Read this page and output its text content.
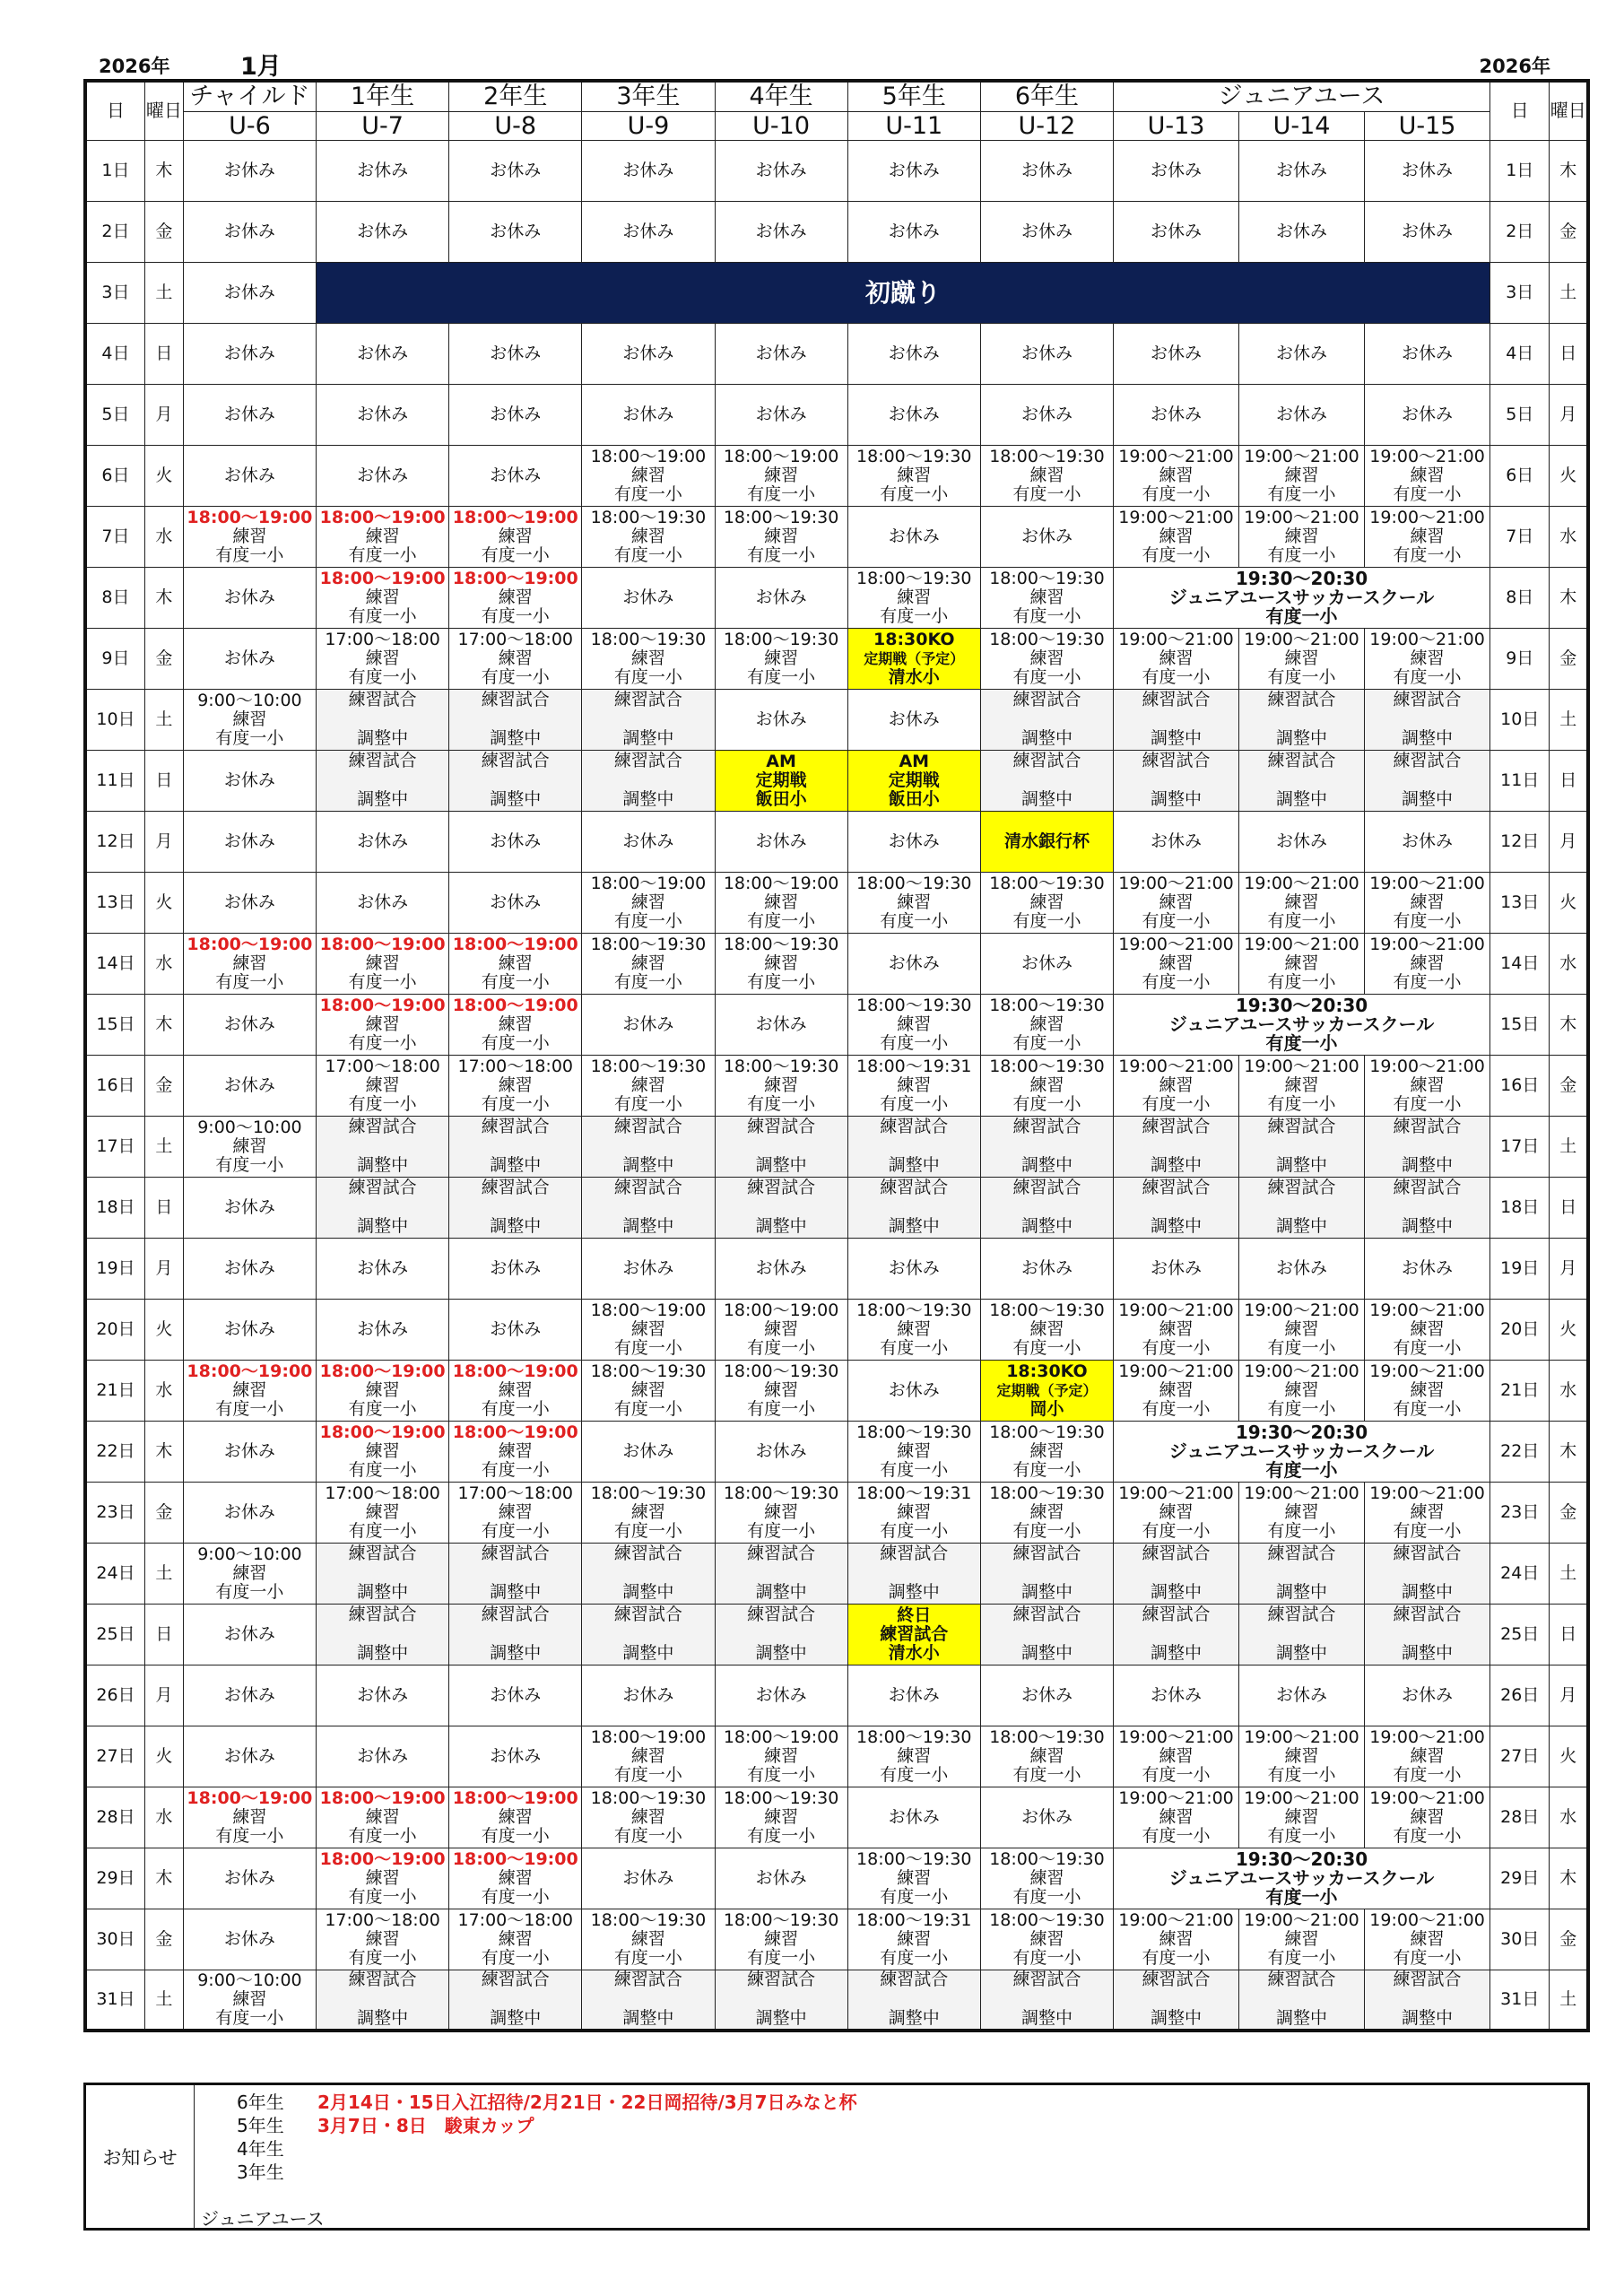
2026年	1月	2026年
日	曜日	チャイルド	1年生	2年生	3年生	4年生	5年生	6年生	ジュニアユース			日	曜日
		U-6	U-7	U-8	U-9	U-10	U-11	U-12	U-13	U-14	U-15		
1日	木	お休み	お休み	お休み	お休み	お休み	お休み	お休み	お休み	お休み	お休み	1日	木
2日	金	お休み	お休み	お休み	お休み	お休み	お休み	お休み	お休み	お休み	お休み	2日	金
3日	土	お休み	初蹴り									3日	土
4日	日	お休み	お休み	お休み	お休み	お休み	お休み	お休み	お休み	お休み	お休み	4日	日
5日	月	お休み	お休み	お休み	お休み	お休み	お休み	お休み	お休み	お休み	お休み	5日	月
6日	火	お休み	お休み	お休み	18:00～19:00
練習
有度一小	18:00～19:00
練習
有度一小	18:00～19:30
練習
有度一小	18:00～19:30
練習
有度一小	19:00～21:00
練習
有度一小	19:00～21:00
練習
有度一小	19:00～21:00
練習
有度一小	6日	火
7日	水	18:00～19:00
練習
有度一小	18:00～19:00
練習
有度一小	18:00～19:00
練習
有度一小	18:00～19:30
練習
有度一小	18:00～19:30
練習
有度一小	お休み	お休み	19:00～21:00
練習
有度一小	19:00～21:00
練習
有度一小	19:00～21:00
練習
有度一小	7日	水
8日	木	お休み	18:00～19:00
練習
有度一小	18:00～19:00
練習
有度一小	お休み	お休み	18:00～19:30
練習
有度一小	18:00～19:30
練習
有度一小	19:30～20:30
ジュニアユースサッカースクール
有度一小			8日	木
9日	金	お休み	17:00～18:00
練習
有度一小	17:00～18:00
練習
有度一小	18:00～19:30
練習
有度一小	18:00～19:30
練習
有度一小	18:30KO
定期戦（予定）
清水小	18:00～19:30
練習
有度一小	19:00～21:00
練習
有度一小	19:00～21:00
練習
有度一小	19:00～21:00
練習
有度一小	9日	金
10日	土	9:00～10:00
練習
有度一小	練習試合
調整中	練習試合
調整中	練習試合
調整中	お休み	お休み	練習試合
調整中	練習試合
調整中	練習試合
調整中	練習試合
調整中	10日	土
11日	日	お休み	練習試合
調整中	練習試合
調整中	練習試合
調整中	AM
定期戦
飯田小	AM
定期戦
飯田小	練習試合
調整中	練習試合
調整中	練習試合
調整中	練習試合
調整中	11日	日
12日	月	お休み	お休み	お休み	お休み	お休み	お休み	清水銀行杯	お休み	お休み	お休み	12日	月
13日	火	お休み	お休み	お休み	18:00～19:00
練習
有度一小	18:00～19:00
練習
有度一小	18:00～19:30
練習
有度一小	18:00～19:30
練習
有度一小	19:00～21:00
練習
有度一小	19:00～21:00
練習
有度一小	19:00～21:00
練習
有度一小	13日	火
14日	水	18:00～19:00
練習
有度一小	18:00～19:00
練習
有度一小	18:00～19:00
練習
有度一小	18:00～19:30
練習
有度一小	18:00～19:30
練習
有度一小	お休み	お休み	19:00～21:00
練習
有度一小	19:00～21:00
練習
有度一小	19:00～21:00
練習
有度一小	14日	水
15日	木	お休み	18:00～19:00
練習
有度一小	18:00～19:00
練習
有度一小	お休み	お休み	18:00～19:30
練習
有度一小	18:00～19:30
練習
有度一小	19:30～20:30
ジュニアユースサッカースクール
有度一小			15日	木
16日	金	お休み	17:00～18:00
練習
有度一小	17:00～18:00
練習
有度一小	18:00～19:30
練習
有度一小	18:00～19:30
練習
有度一小	18:00～19:31
練習
有度一小	18:00～19:30
練習
有度一小	19:00～21:00
練習
有度一小	19:00～21:00
練習
有度一小	19:00～21:00
練習
有度一小	16日	金
17日	土	9:00～10:00
練習
有度一小	練習試合
調整中	練習試合
調整中	練習試合
調整中	練習試合
調整中	練習試合
調整中	練習試合
調整中	練習試合
調整中	練習試合
調整中	練習試合
調整中	17日	土
18日	日	お休み	練習試合
調整中	練習試合
調整中	練習試合
調整中	練習試合
調整中	練習試合
調整中	練習試合
調整中	練習試合
調整中	練習試合
調整中	練習試合
調整中	18日	日
19日	月	お休み	お休み	お休み	お休み	お休み	お休み	お休み	お休み	お休み	お休み	19日	月
20日	火	お休み	お休み	お休み	18:00～19:00
練習
有度一小	18:00～19:00
練習
有度一小	18:00～19:30
練習
有度一小	18:00～19:30
練習
有度一小	19:00～21:00
練習
有度一小	19:00～21:00
練習
有度一小	19:00～21:00
練習
有度一小	20日	火
21日	水	18:00～19:00
練習
有度一小	18:00～19:00
練習
有度一小	18:00～19:00
練習
有度一小	18:00～19:30
練習
有度一小	18:00～19:30
練習
有度一小	お休み	18:30KO
定期戦（予定）
岡小	19:00～21:00
練習
有度一小	19:00～21:00
練習
有度一小	19:00～21:00
練習
有度一小	21日	水
22日	木	お休み	18:00～19:00
練習
有度一小	18:00～19:00
練習
有度一小	お休み	お休み	18:00～19:30
練習
有度一小	18:00～19:30
練習
有度一小	19:30～20:30
ジュニアユースサッカースクール
有度一小			22日	木
23日	金	お休み	17:00～18:00
練習
有度一小	17:00～18:00
練習
有度一小	18:00～19:30
練習
有度一小	18:00～19:30
練習
有度一小	18:00～19:31
練習
有度一小	18:00～19:30
練習
有度一小	19:00～21:00
練習
有度一小	19:00～21:00
練習
有度一小	19:00～21:00
練習
有度一小	23日	金
24日	土	9:00～10:00
練習
有度一小	練習試合
調整中	練習試合
調整中	練習試合
調整中	練習試合
調整中	練習試合
調整中	練習試合
調整中	練習試合
調整中	練習試合
調整中	練習試合
調整中	24日	土
25日	日	お休み	練習試合
調整中	練習試合
調整中	練習試合
調整中	練習試合
調整中	終日
練習試合
清水小	練習試合
調整中	練習試合
調整中	練習試合
調整中	練習試合
調整中	25日	日
26日	月	お休み	お休み	お休み	お休み	お休み	お休み	お休み	お休み	お休み	お休み	26日	月
27日	火	お休み	お休み	お休み	18:00～19:00
練習
有度一小	18:00～19:00
練習
有度一小	18:00～19:30
練習
有度一小	18:00～19:30
練習
有度一小	19:00～21:00
練習
有度一小	19:00～21:00
練習
有度一小	19:00～21:00
練習
有度一小	27日	火
28日	水	18:00～19:00
練習
有度一小	18:00～19:00
練習
有度一小	18:00～19:00
練習
有度一小	18:00～19:30
練習
有度一小	18:00～19:30
練習
有度一小	お休み	お休み	19:00～21:00
練習
有度一小	19:00～21:00
練習
有度一小	19:00～21:00
練習
有度一小	28日	水
29日	木	お休み	18:00～19:00
練習
有度一小	18:00～19:00
練習
有度一小	お休み	お休み	18:00～19:30
練習
有度一小	18:00～19:30
練習
有度一小	19:30～20:30
ジュニアユースサッカースクール
有度一小			29日	木
30日	金	お休み	17:00～18:00
練習
有度一小	17:00～18:00
練習
有度一小	18:00～19:30
練習
有度一小	18:00～19:30
練習
有度一小	18:00～19:31
練習
有度一小	18:00～19:30
練習
有度一小	19:00～21:00
練習
有度一小	19:00～21:00
練習
有度一小	19:00～21:00
練習
有度一小	30日	金
31日	土	9:00～10:00
練習
有度一小	練習試合
調整中	練習試合
調整中	練習試合
調整中	練習試合
調整中	練習試合
調整中	練習試合
調整中	練習試合
調整中	練習試合
調整中	練習試合
調整中	31日	土
お知らせ
6年生	2月14日・15日入江招待/2月21日・22日岡招待/3月7日みなと杯
5年生	3月7日・8日　駿東カップ
4年生
3年生
ジュニアユース
